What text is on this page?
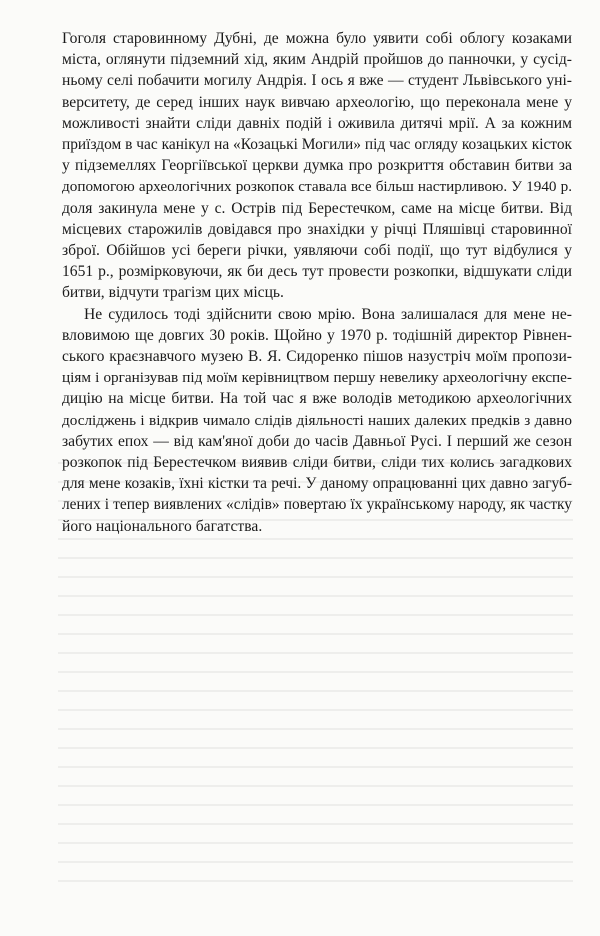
Гоголя старовинному Дубні, де можна було уявити собі облогу козаками
міста, оглянути підземний хід, яким Андрій пройшов до панночки, у сусід-
ньому селі побачити могилу Андрія. І ось я вже — студент Львівського уні-
верситету, де серед інших наук вивчаю археологію, що переконала мене у
можливості знайти сліди давніх подій і оживила дитячі мрії. А за кожним
приїздом в час канікул на «Козацькі Могили» під час огляду козацьких кісток
у підземеллях Георгіївської церкви думка про розкриття обставин битви за
допомогою археологічних розкопок ставала все більш настирливою. У 1940 р.
доля закинула мене у с. Острів під Берестечком, саме на місце битви. Від
місцевих старожилів довідався про знахідки у річці Пляшівці старовинної
зброї. Обійшов усі береги річки, уявляючи собі події, що тут відбулися у
1651 р., розмірковуючи, як би десь тут провести розкопки, відшукати сліди
битви, відчути трагізм цих місць.

Не судилось тоді здійснити свою мрію. Вона залишалася для мене не-
вловимою ще довгих 30 років. Щойно у 1970 р. тодішній директор Рівнен-
ського краєзнавчого музею В. Я. Сидоренко пішов назустріч моїм пропози-
ціям і організував під моїм керівництвом першу невелику археологічну експе-
дицію на місце битви. На той час я вже володів методикою археологічних
досліджень і відкрив чимало слідів діяльності наших далеких предків з давно
забутих епох — від кам'яної доби до часів Давньої Русі. І перший же сезон
розкопок під Берестечком виявив сліди битви, сліди тих колись загадкових
для мене козаків, їхні кістки та речі. У даному опрацюванні цих давно загуб-
лених і тепер виявлених «слідів» повертаю їх українському народу, як частку
його національного багатства.
